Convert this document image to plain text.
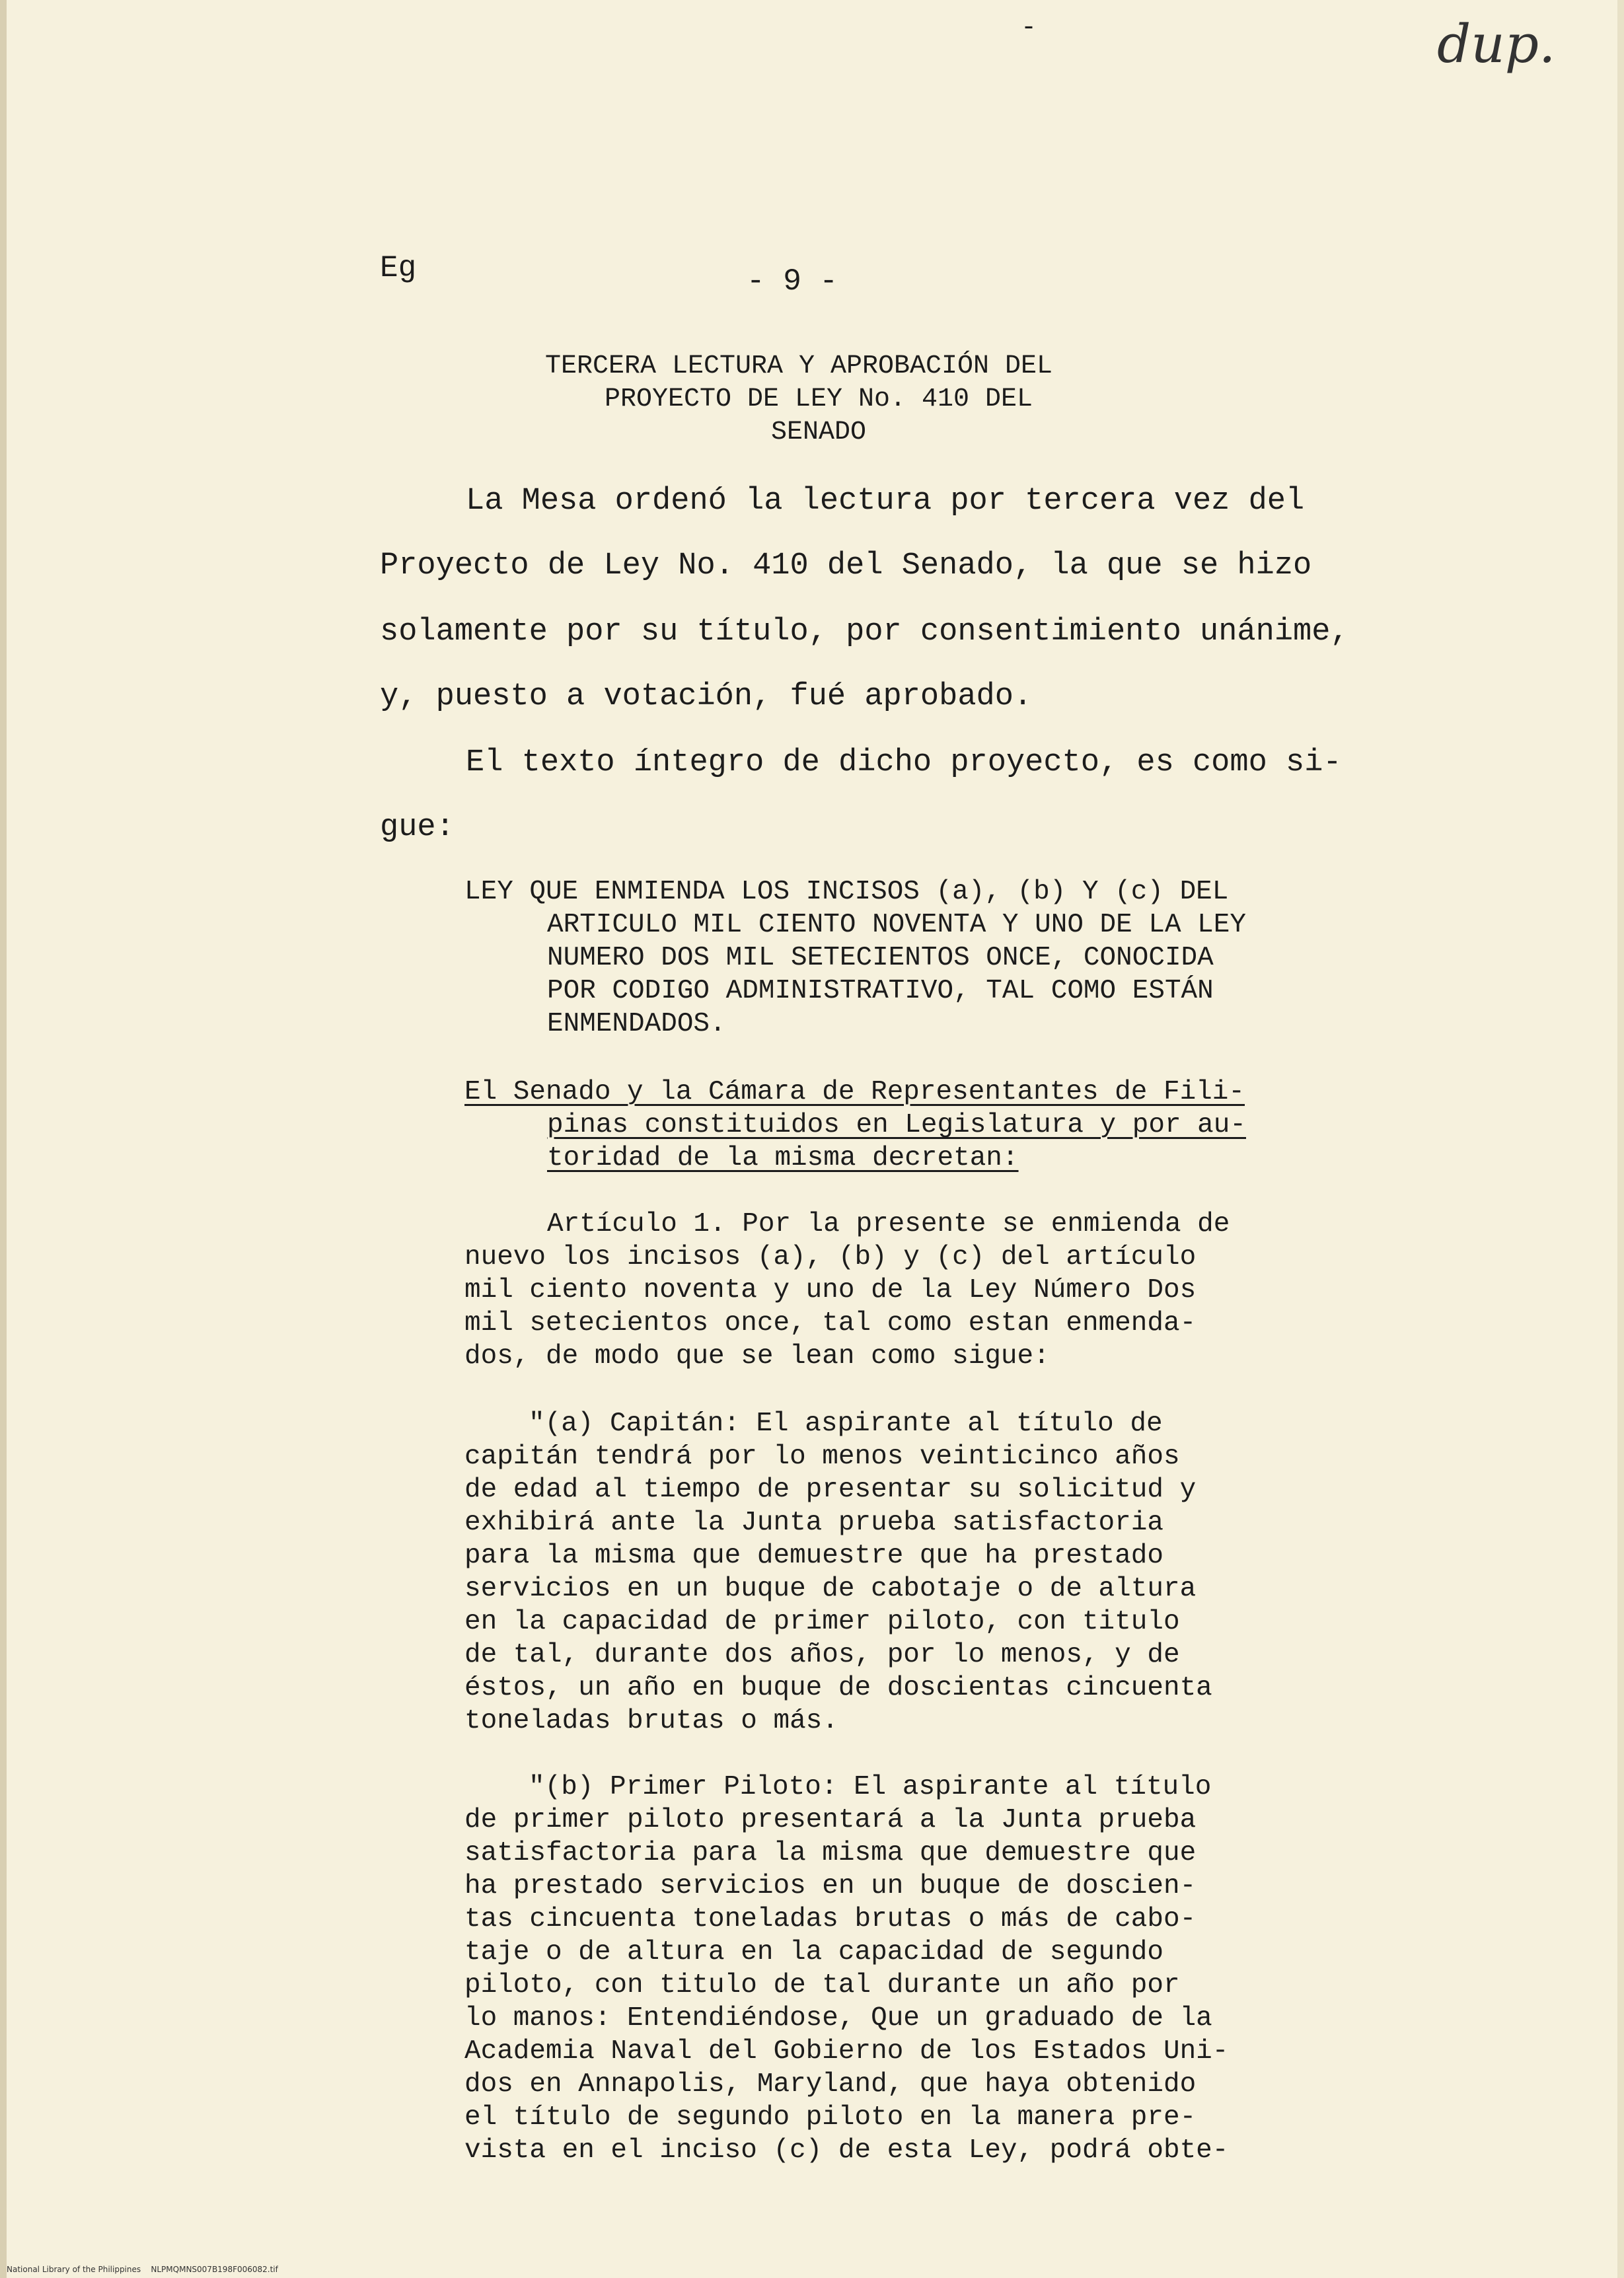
dup.
-
Eg	- 9 -
TERCERA LECTURA Y APROBACIÓN DEL
PROYECTO DE LEY No. 410 DEL
SENADO
La Mesa ordenó la lectura por tercera vez del
Proyecto de Ley No. 410 del Senado, la que se hizo
solamente por su título, por consentimiento unánime,
y, puesto a votación, fué aprobado.
El texto íntegro de dicho proyecto, es como si-
gue:
LEY QUE ENMIENDA LOS INCISOS (a), (b) Y (c) DEL
ARTICULO MIL CIENTO NOVENTA Y UNO DE LA LEY
NUMERO DOS MIL SETECIENTOS ONCE, CONOCIDA
POR CODIGO ADMINISTRATIVO, TAL COMO ESTÁN
ENMENDADOS.
El Senado y la Cámara de Representantes de Fili-
pinas constituidos en Legislatura y por au-
toridad de la misma decretan:
Artículo 1. Por la presente se enmienda de
nuevo los incisos (a), (b) y (c) del artículo
mil ciento noventa y uno de la Ley Número Dos
mil setecientos once, tal como estan enmenda-
dos, de modo que se lean como sigue:
"(a) Capitán: El aspirante al título de
capitán tendrá por lo menos veinticinco años
de edad al tiempo de presentar su solicitud y
exhibirá ante la Junta prueba satisfactoria
para la misma que demuestre que ha prestado
servicios en un buque de cabotaje o de altura
en la capacidad de primer piloto, con titulo
de tal, durante dos años, por lo menos, y de
éstos, un año en buque de doscientas cincuenta
toneladas brutas o más.
"(b) Primer Piloto: El aspirante al título
de primer piloto presentará a la Junta prueba
satisfactoria para la misma que demuestre que
ha prestado servicios en un buque de doscien-
tas cincuenta toneladas brutas o más de cabo-
taje o de altura en la capacidad de segundo
piloto, con titulo de tal durante un año por
lo manos: Entendiéndose, Que un graduado de la
Academia Naval del Gobierno de los Estados Uni-
dos en Annapolis, Maryland, que haya obtenido
el título de segundo piloto en la manera pre-
vista en el inciso (c) de esta Ley, podrá obte-
National Library of the Philippines    NLPMQMNS007B198F006082.tif
